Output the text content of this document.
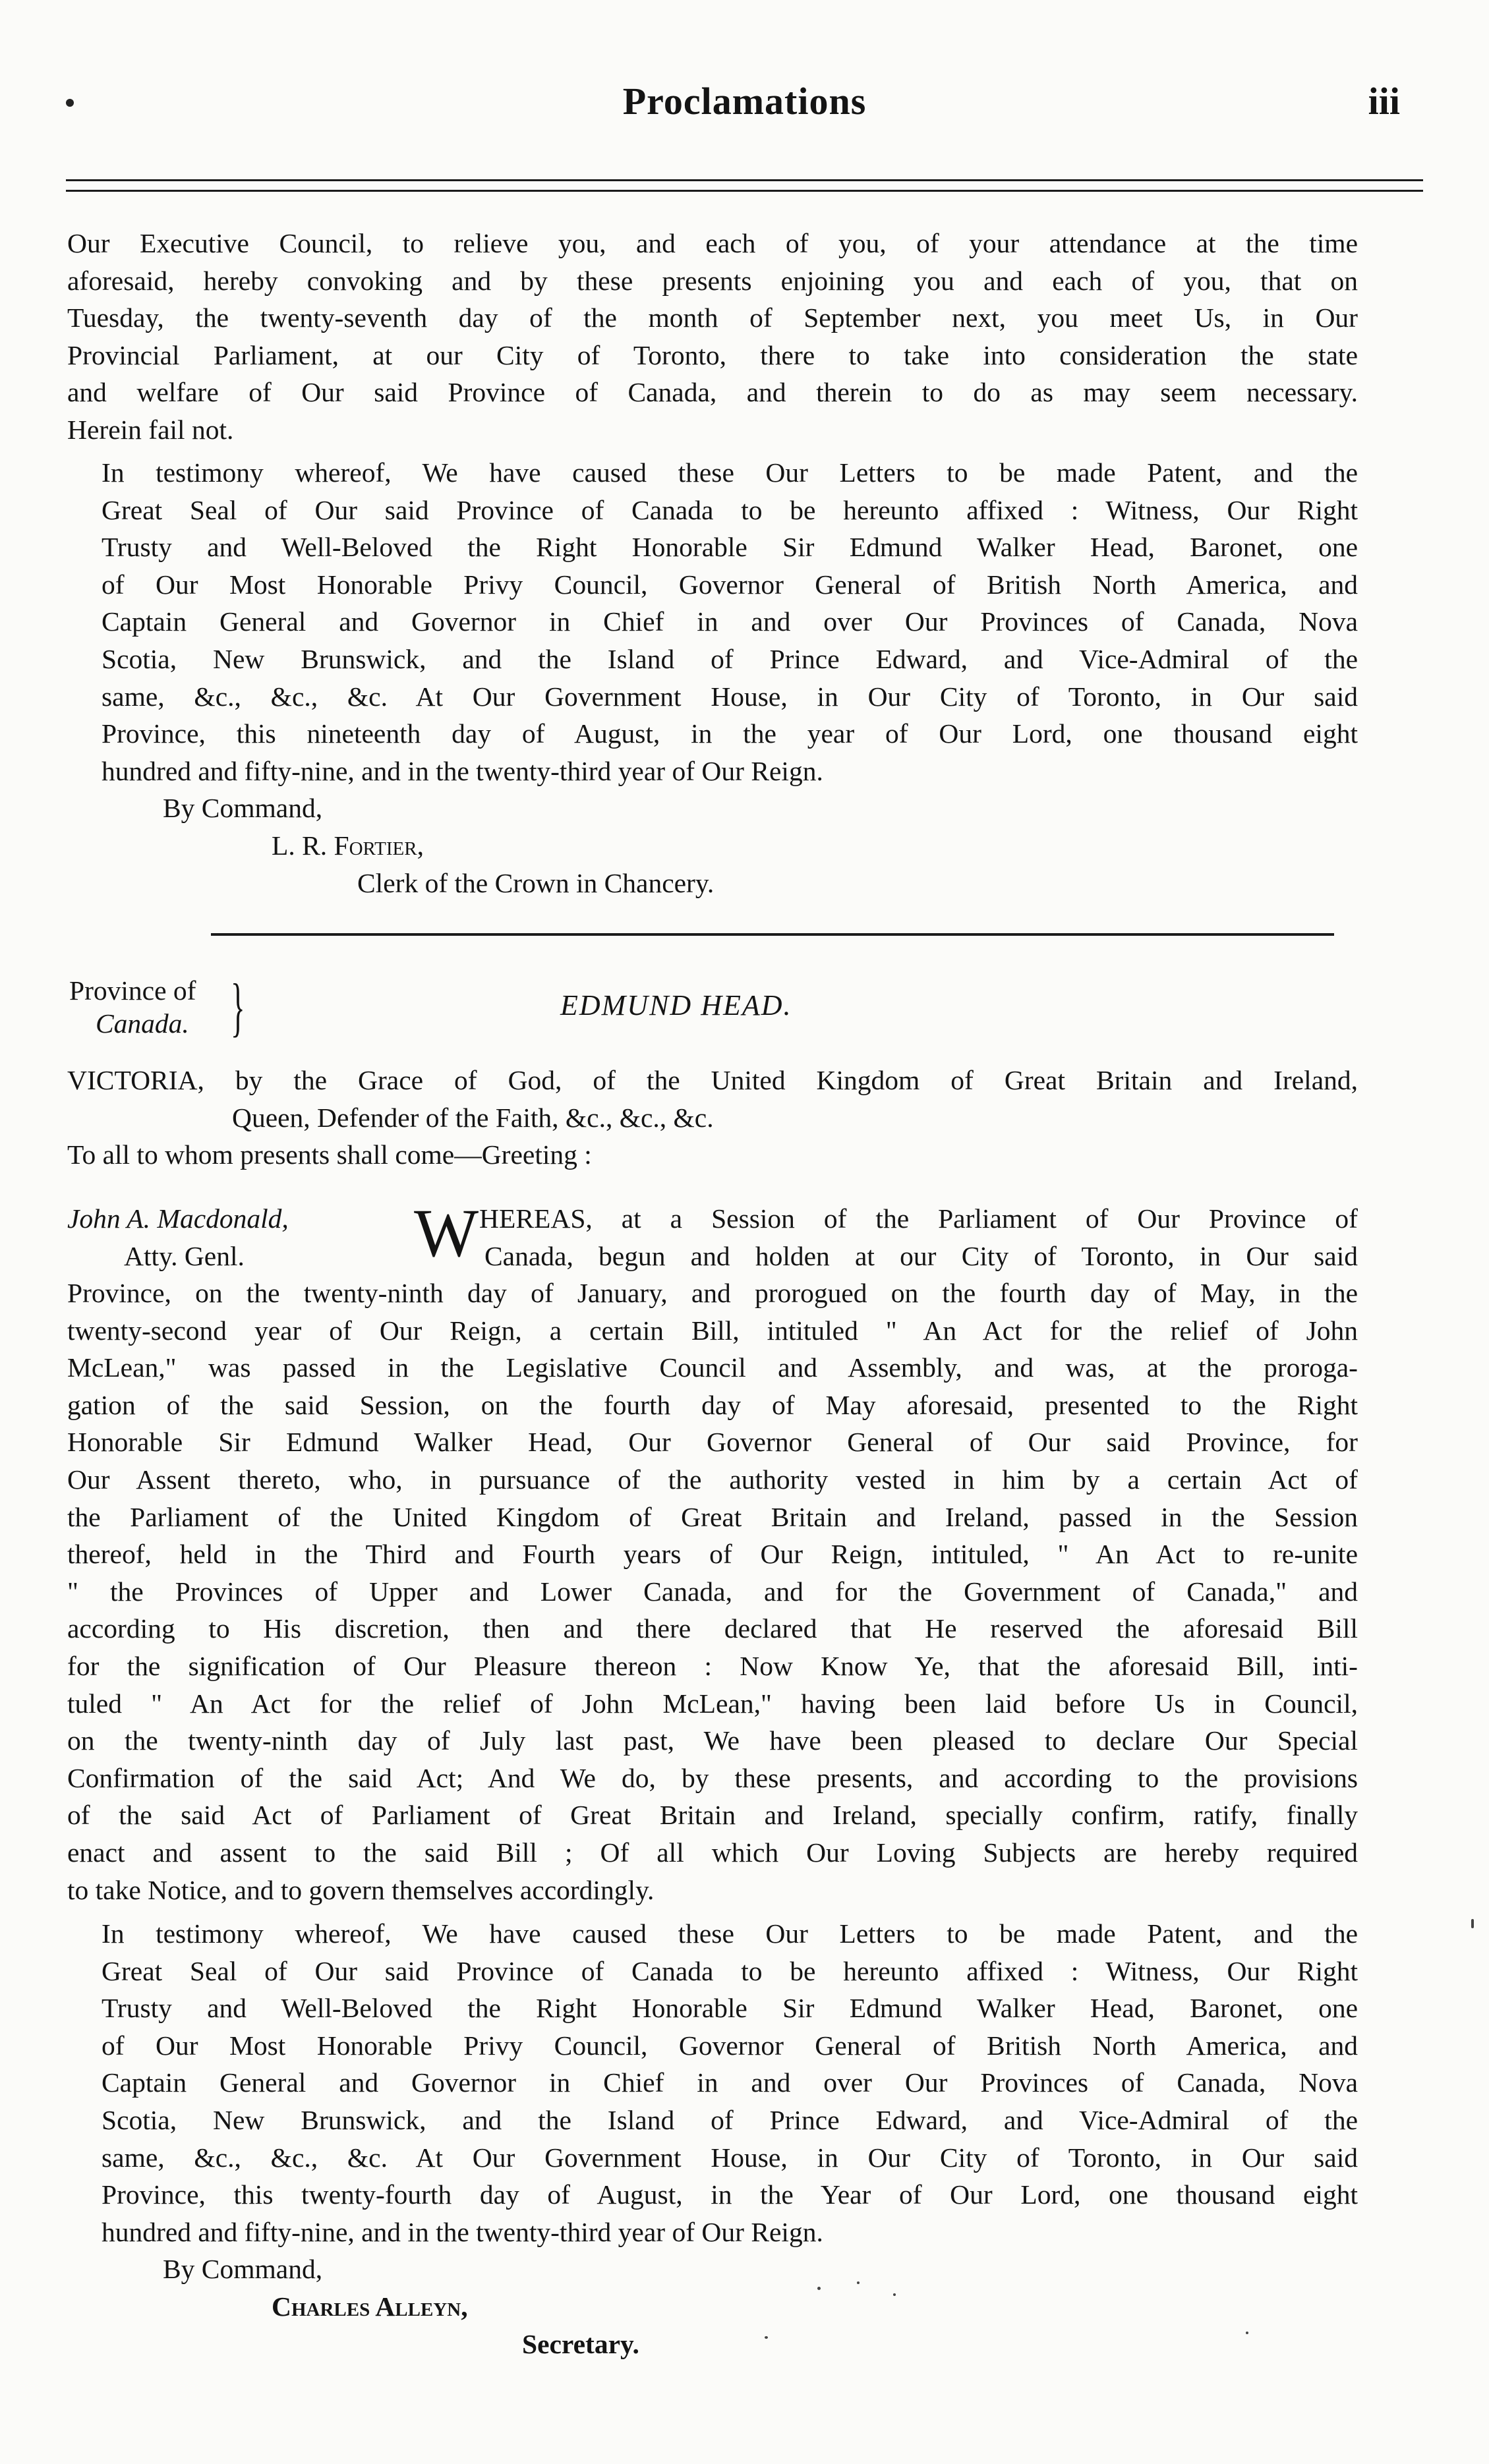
Proclamations	iii
Our Executive Council, to relieve you, and each of you, of your attendance at the time
aforesaid, hereby convoking and by these presents enjoining you and each of you, that on
Tuesday, the twenty-seventh day of the month of September next, you meet Us, in Our
Provincial Parliament, at our City of Toronto, there to take into consideration the state
and welfare of Our said Province of Canada, and therein to do as may seem necessary.
Herein fail not.
In testimony whereof, We have caused these Our Letters to be made Patent, and the
Great Seal of Our said Province of Canada to be hereunto affixed : Witness, Our Right
Trusty and Well-Beloved the Right Honorable Sir Edmund Walker Head, Baronet, one
of Our Most Honorable Privy Council, Governor General of British North America, and
Captain General and Governor in Chief in and over Our Provinces of Canada, Nova
Scotia, New Brunswick, and the Island of Prince Edward, and Vice-Admiral of the
same, &c., &c., &c. At Our Government House, in Our City of Toronto, in Our said
Province, this nineteenth day of August, in the year of Our Lord, one thousand eight
hundred and fifty-nine, and in the twenty-third year of Our Reign.
By Command,
L. R. Fortier,
Clerk of the Crown in Chancery.
Province of
Canada. }	EDMUND HEAD.
VICTORIA, by the Grace of God, of the United Kingdom of Great Britain and Ireland,
Queen, Defender of the Faith, &c., &c., &c.
To all to whom presents shall come—Greeting :
John A. Macdonald,
Atty. Genl. W HEREAS, at a Session of the Parliament of Our Province of
Canada, begun and holden at our City of Toronto, in Our said
Province, on the twenty-ninth day of January, and prorogued on the fourth day of May, in the
twenty-second year of Our Reign, a certain Bill, intituled " An Act for the relief of John
McLean," was passed in the Legislative Council and Assembly, and was, at the proroga-
gation of the said Session, on the fourth day of May aforesaid, presented to the Right
Honorable Sir Edmund Walker Head, Our Governor General of Our said Province, for
Our Assent thereto, who, in pursuance of the authority vested in him by a certain Act of
the Parliament of the United Kingdom of Great Britain and Ireland, passed in the Session
thereof, held in the Third and Fourth years of Our Reign, intituled, " An Act to re-unite
" the Provinces of Upper and Lower Canada, and for the Government of Canada," and
according to His discretion, then and there declared that He reserved the aforesaid Bill
for the signification of Our Pleasure thereon : Now Know Ye, that the aforesaid Bill, inti-
tuled " An Act for the relief of John McLean," having been laid before Us in Council,
on the twenty-ninth day of July last past, We have been pleased to declare Our Special
Confirmation of the said Act; And We do, by these presents, and according to the provisions
of the said Act of Parliament of Great Britain and Ireland, specially confirm, ratify, finally
enact and assent to the said Bill ; Of all which Our Loving Subjects are hereby required
to take Notice, and to govern themselves accordingly.
In testimony whereof, We have caused these Our Letters to be made Patent, and the
Great Seal of Our said Province of Canada to be hereunto affixed : Witness, Our Right
Trusty and Well-Beloved the Right Honorable Sir Edmund Walker Head, Baronet, one
of Our Most Honorable Privy Council, Governor General of British North America, and
Captain General and Governor in Chief in and over Our Provinces of Canada, Nova
Scotia, New Brunswick, and the Island of Prince Edward, and Vice-Admiral of the
same, &c., &c., &c. At Our Government House, in Our City of Toronto, in Our said
Province, this twenty-fourth day of August, in the Year of Our Lord, one thousand eight
hundred and fifty-nine, and in the twenty-third year of Our Reign.
By Command,
Charles Alleyn,
Secretary.
